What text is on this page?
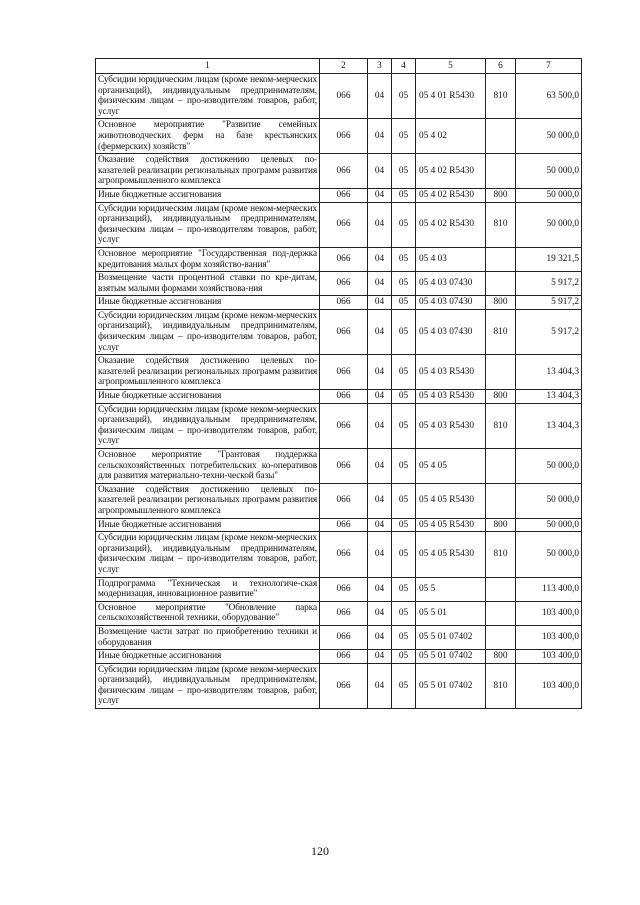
1	2	3	4	5	6	7
Субсидии юридическим лицам (кроме неком-мерческих организаций), индивидуальным предпринимателям, физическим лицам – про-изводителям товаров, работ, услуг	066	04	05	05 4 01 R5430	810	63 500,0
Основное мероприятие "Развитие семейных животноводческих ферм на базе крестьянских (фермерских) хозяйств"	066	04	05	05 4 02		50 000,0
Оказание содействия достижению целевых по-казателей реализации региональных программ развития агропромышленного комплекса	066	04	05	05 4 02 R5430		50 000,0
Иные бюджетные ассигнования	066	04	05	05 4 02 R5430	800	50 000,0
Субсидии юридическим лицам (кроме неком-мерческих организаций), индивидуальным предпринимателям, физическим лицам – про-изводителям товаров, работ, услуг	066	04	05	05 4 02 R5430	810	50 000,0
Основное мероприятие "Государственная под-держка кредитования малых форм хозяйство-вания"	066	04	05	05 4 03		19 321,5
Возмещение части процентной ставки по кре-дитам, взятым малыми формами хозяйствова-ния	066	04	05	05 4 03 07430		5 917,2
Иные бюджетные ассигнования	066	04	05	05 4 03 07430	800	5 917,2
Субсидии юридическим лицам (кроме неком-мерческих организаций), индивидуальным предпринимателям, физическим лицам – про-изводителям товаров, работ, услуг	066	04	05	05 4 03 07430	810	5 917,2
Оказание содействия достижению целевых по-казателей реализации региональных программ развития агропромышленного комплекса	066	04	05	05 4 03 R5430		13 404,3
Иные бюджетные ассигнования	066	04	05	05 4 03 R5430	800	13 404,3
Субсидии юридическим лицам (кроме неком-мерческих организаций), индивидуальным предпринимателям, физическим лицам – про-изводителям товаров, работ, услуг	066	04	05	05 4 03 R5430	810	13 404,3
Основное мероприятие "Грантовая поддержка сельскохозяйственных потребительских ко-оперативов для развития материально-техни-ческой базы"	066	04	05	05 4 05		50 000,0
Оказание содействия достижению целевых по-казателей реализации региональных программ развития агропромышленного комплекса	066	04	05	05 4 05 R5430		50 000,0
Иные бюджетные ассигнования	066	04	05	05 4 05 R5430	800	50 000,0
Субсидии юридическим лицам (кроме неком-мерческих организаций), индивидуальным предпринимателям, физическим лицам – про-изводителям товаров, работ, услуг	066	04	05	05 4 05 R5430	810	50 000,0
Подпрограмма "Техническая и технологиче-ская модернизация, инновационное развитие"	066	04	05	05 5		113 400,0
Основное мероприятие "Обновление парка сельскохозяйственной техники, оборудование"	066	04	05	05 5 01		103 400,0
Возмещение части затрат по приобретению техники и оборудования	066	04	05	05 5 01 07402		103 400,0
Иные бюджетные ассигнования	066	04	05	05 5 01 07402	800	103 400,0
Субсидии юридическим лицам (кроме неком-мерческих организаций), индивидуальным предпринимателям, физическим лицам – про-изводителям товаров, работ, услуг	066	04	05	05 5 01 07402	810	103 400,0
120
